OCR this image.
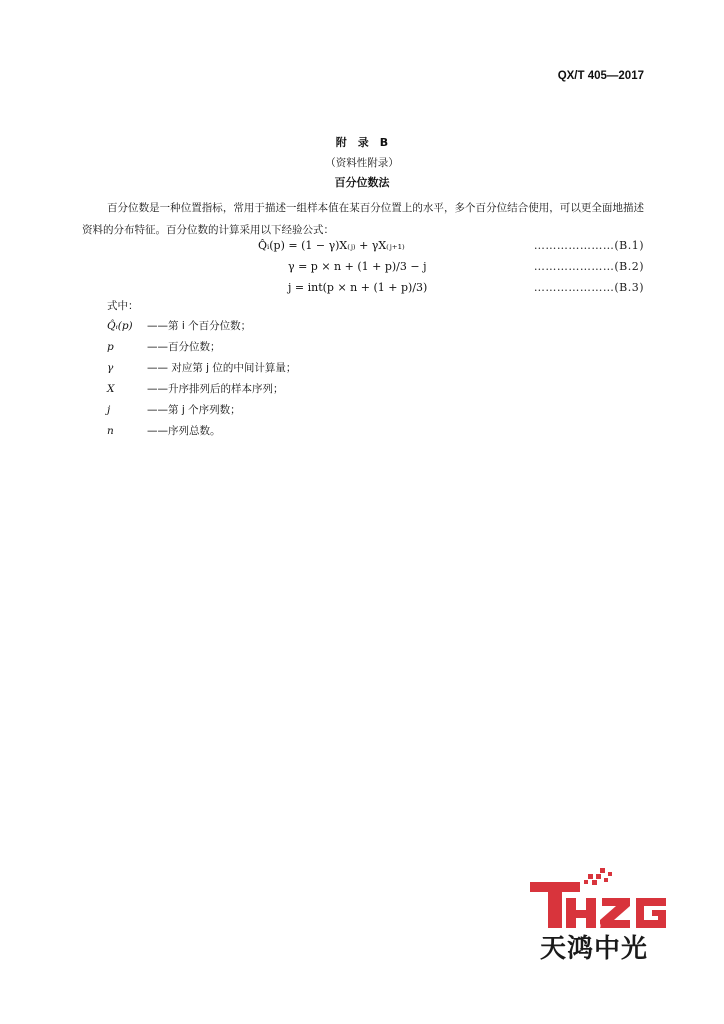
QX/T 405—2017
附　录　B
（资料性附录）
百分位数法
百分位数是一种位置指标，常用于描述一组样本值在某百分位置上的水平，多个百分位结合使用，可以更全面地描述资料的分布特征。百分位数的计算采用以下经验公式：
Q̂ᵢ(p) = (1 − γ)X₍ⱼ₎ + γX₍ⱼ₊₁₎	…………………(B.1)
γ = p × n + (1 + p)/3 − j	…………………(B.2)
j = int(p × n + (1 + p)/3)	…………………(B.3)
式中：
Q̂ᵢ(p) ——第 i 个百分位数；
p	——百分位数；
γ	—— 对应第 j 位的中间计算量；
X	——升序排列后的样本序列；
j	——第 j 个序列数；
n	——序列总数。
天鸿中光
9
